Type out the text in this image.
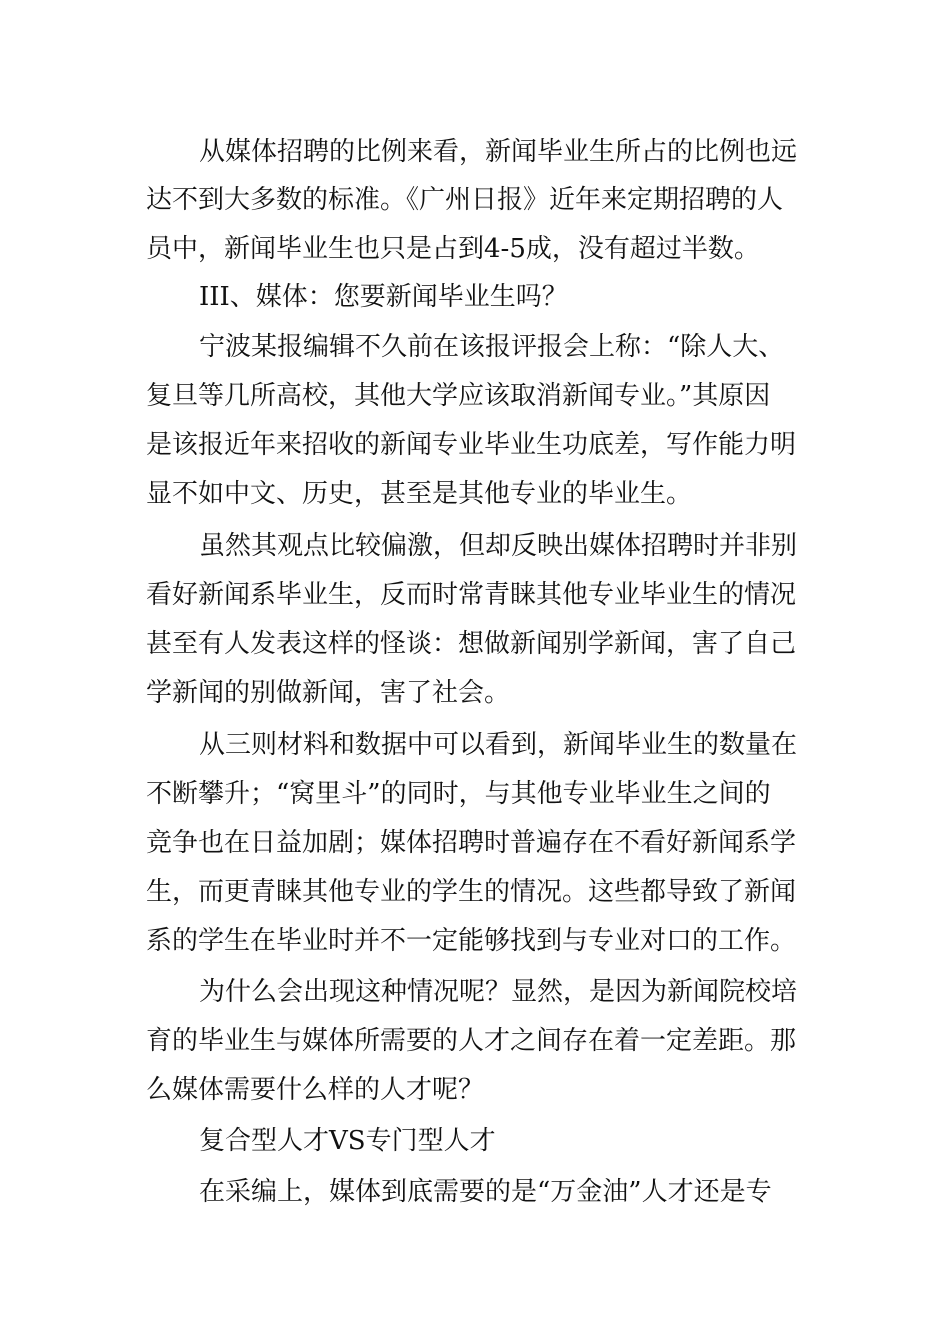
从媒体招聘的比例来看，新闻毕业生所占的比例也远
达不到大多数的标准。《广州日报》近年来定期招聘的人
员中，新闻毕业生也只是占到4-5成，没有超过半数。
III、媒体：您要新闻毕业生吗？
宁波某报编辑不久前在该报评报会上称：“除人大、
复旦等几所高校，其他大学应该取消新闻专业。”其原因
是该报近年来招收的新闻专业毕业生功底差，写作能力明
显不如中文、历史，甚至是其他专业的毕业生。
虽然其观点比较偏激，但却反映出媒体招聘时并非别
看好新闻系毕业生，反而时常青睐其他专业毕业生的情况
甚至有人发表这样的怪谈：想做新闻别学新闻，害了自己
学新闻的别做新闻，害了社会。
从三则材料和数据中可以看到，新闻毕业生的数量在
不断攀升；“窝里斗”的同时，与其他专业毕业生之间的
竞争也在日益加剧；媒体招聘时普遍存在不看好新闻系学
生，而更青睐其他专业的学生的情况。这些都导致了新闻
系的学生在毕业时并不一定能够找到与专业对口的工作。
为什么会出现这种情况呢？显然，是因为新闻院校培
育的毕业生与媒体所需要的人才之间存在着一定差距。那
么媒体需要什么样的人才呢？
复合型人才VS专门型人才
在采编上，媒体到底需要的是“万金油”人才还是专
